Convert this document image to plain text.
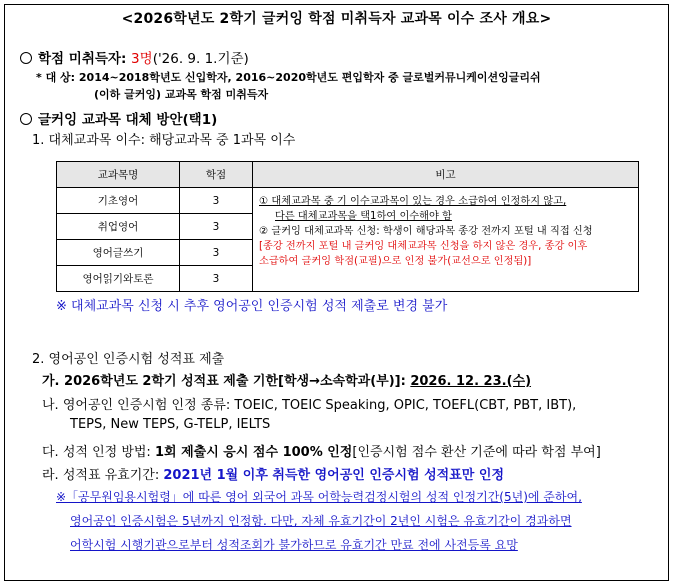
<2026학년도 2학기 글커잉 학점 미취득자 교과목 이수 조사 개요>
학점 미취득자: 3명('26. 9. 1.기준)
* 대 상: 2014~2018학년도 신입학자, 2016~2020학년도 편입학자 중 글로벌커뮤니케이션잉글리쉬
(이하 글커잉) 교과목 학점 미취득자
글커잉 교과목 대체 방안(택1)
1. 대체교과목 이수: 해당교과목 중 1과목 이수
교과목명	학점	비고
기초영어	3	① 대체교과목 중 기 이수교과목이 있는 경우 소급하여 인정하지 않고,
다른 대체교과목을 택1하여 이수해야 함
② 글커잉 대체교과목 신청: 학생이 해당과목 종강 전까지 포털 내 직접 신청
[종강 전까지 포털 내 글커잉 대체교과목 신청을 하지 않은 경우, 종강 이후
소급하여 글커잉 학점(교필)으로 인정 불가(교선으로 인정됨)]

취업영어	3	
영어글쓰기	3	
영어읽기와토론	3	
※ 대체교과목 신청 시 추후 영어공인 인증시험 성적 제출로 변경 불가
2. 영어공인 인증시험 성적표 제출
가. 2026학년도 2학기 성적표 제출 기한[학생→소속학과(부)]: 2026. 12. 23.(수)
나. 영어공인 인증시험 인정 종류: TOEIC, TOEIC Speaking, OPIC, TOEFL(CBT, PBT, IBT),
TEPS, New TEPS, G-TELP, IELTS
다. 성적 인정 방법: 1회 제출시 응시 점수 100% 인정[인증시험 점수 환산 기준에 따라 학점 부여]
라. 성적표 유효기간: 2021년 1월 이후 취득한 영어공인 인증시험 성적표만 인정
※「공무원임용시험령」에 따른 영어 외국어 과목 어학능력검정시험의 성적 인정기간(5년)에 준하여,
영어공인 인증시험은 5년까지 인정함. 다만, 자체 유효기간이 2년인 시험은 유효기간이 경과하면
어학시험 시행기관으로부터 성적조회가 불가하므로 유효기간 만료 전에 사전등록 요망
